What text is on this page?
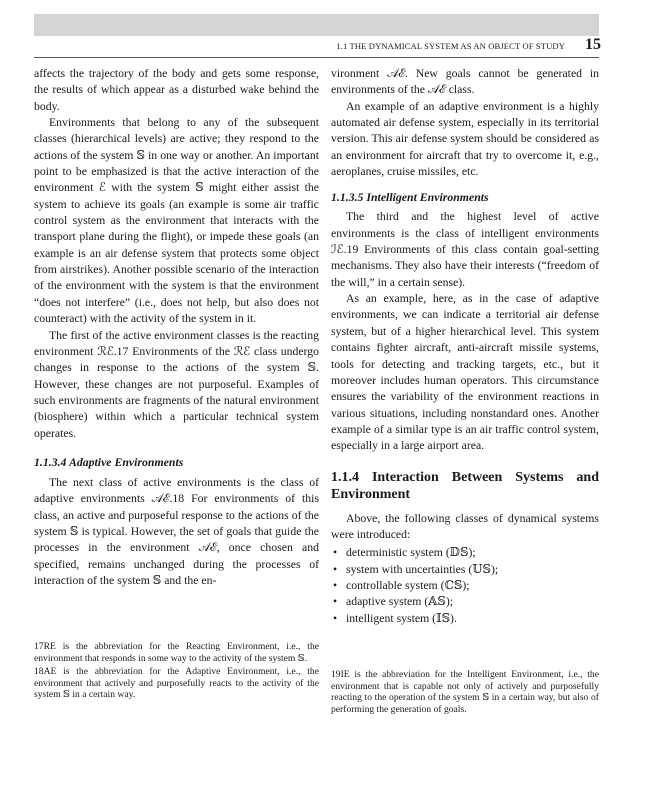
1.1 THE DYNAMICAL SYSTEM AS AN OBJECT OF STUDY 15

affects the trajectory of the body and gets some response, the results of which appear as a disturbed wake behind the body.

Environments that belong to any of the subsequent classes (hierarchical levels) are active; they respond to the actions of the system 𝕊 in one way or another. An important point to be emphasized is that the active interaction of the environment ℰ with the system 𝕊 might either assist the system to achieve its goals (an example is some air traffic control system as the environment that interacts with the transport plane during the flight), or impede these goals (an example is an air defense system that protects some object from airstrikes). Another possible scenario of the interaction of the environment with the system is that the environment “does not interfere” (i.e., does not help, but also does not counteract) with the activity of the system in it.

The first of the active environment classes is the reacting environment ℛℰ.17 Environments of the ℛℰ class undergo changes in response to the actions of the system 𝕊. However, these changes are not purposeful. Examples of such environments are fragments of the natural environment (biosphere) within which a particular technical system operates.

1.1.3.4 Adaptive Environments

The next class of active environments is the class of adaptive environments 𝒜ℰ.18 For environments of this class, an active and purposeful response to the actions of the system 𝕊 is typical. However, the set of goals that guide the processes in the environment 𝒜ℰ, once chosen and specified, remains unchanged during the processes of interaction of the system 𝕊 and the en-

vironment 𝒜ℰ. New goals cannot be generated in environments of the 𝒜ℰ class.

An example of an adaptive environment is a highly automated air defense system, especially in its territorial version. This air defense system should be considered as an environment for aircraft that try to overcome it, e.g., aeroplanes, cruise missiles, etc.

1.1.3.5 Intelligent Environments

The third and the highest level of active environments is the class of intelligent environments ℐℰ.19 Environments of this class contain goal-setting mechanisms. They also have their interests (“freedom of the will,” in a certain sense).

As an example, here, as in the case of adaptive environments, we can indicate a territorial air defense system, but of a higher hierarchical level. This system contains fighter aircraft, anti-aircraft missile systems, tools for detecting and tracking targets, etc., but it moreover includes human operators. This circumstance ensures the variability of the environment reactions in various situations, including nonstandard ones. Another example of a similar type is an air traffic control system, especially in a large airport area.

1.1.4 Interaction Between Systems and Environment

Above, the following classes of dynamical systems were introduced:

• deterministic system (𝔻𝕊);
• system with uncertainties (𝕌𝕊);
• controllable system (ℂ𝕊);
• adaptive system (𝔸𝕊);
• intelligent system (𝕀𝕊).

17RE is the abbreviation for the Reacting Environment, i.e., the environment that responds in some way to the activity of the system 𝕊.

18AE is the abbreviation for the Adaptive Environment, i.e., the environment that actively and purposefully reacts to the activity of the system 𝕊 in a certain way.

19IE is the abbreviation for the Intelligent Environment, i.e., the environment that is capable not only of actively and purposefully reacting to the operation of the system 𝕊 in a certain way, but also of performing the generation of goals.
